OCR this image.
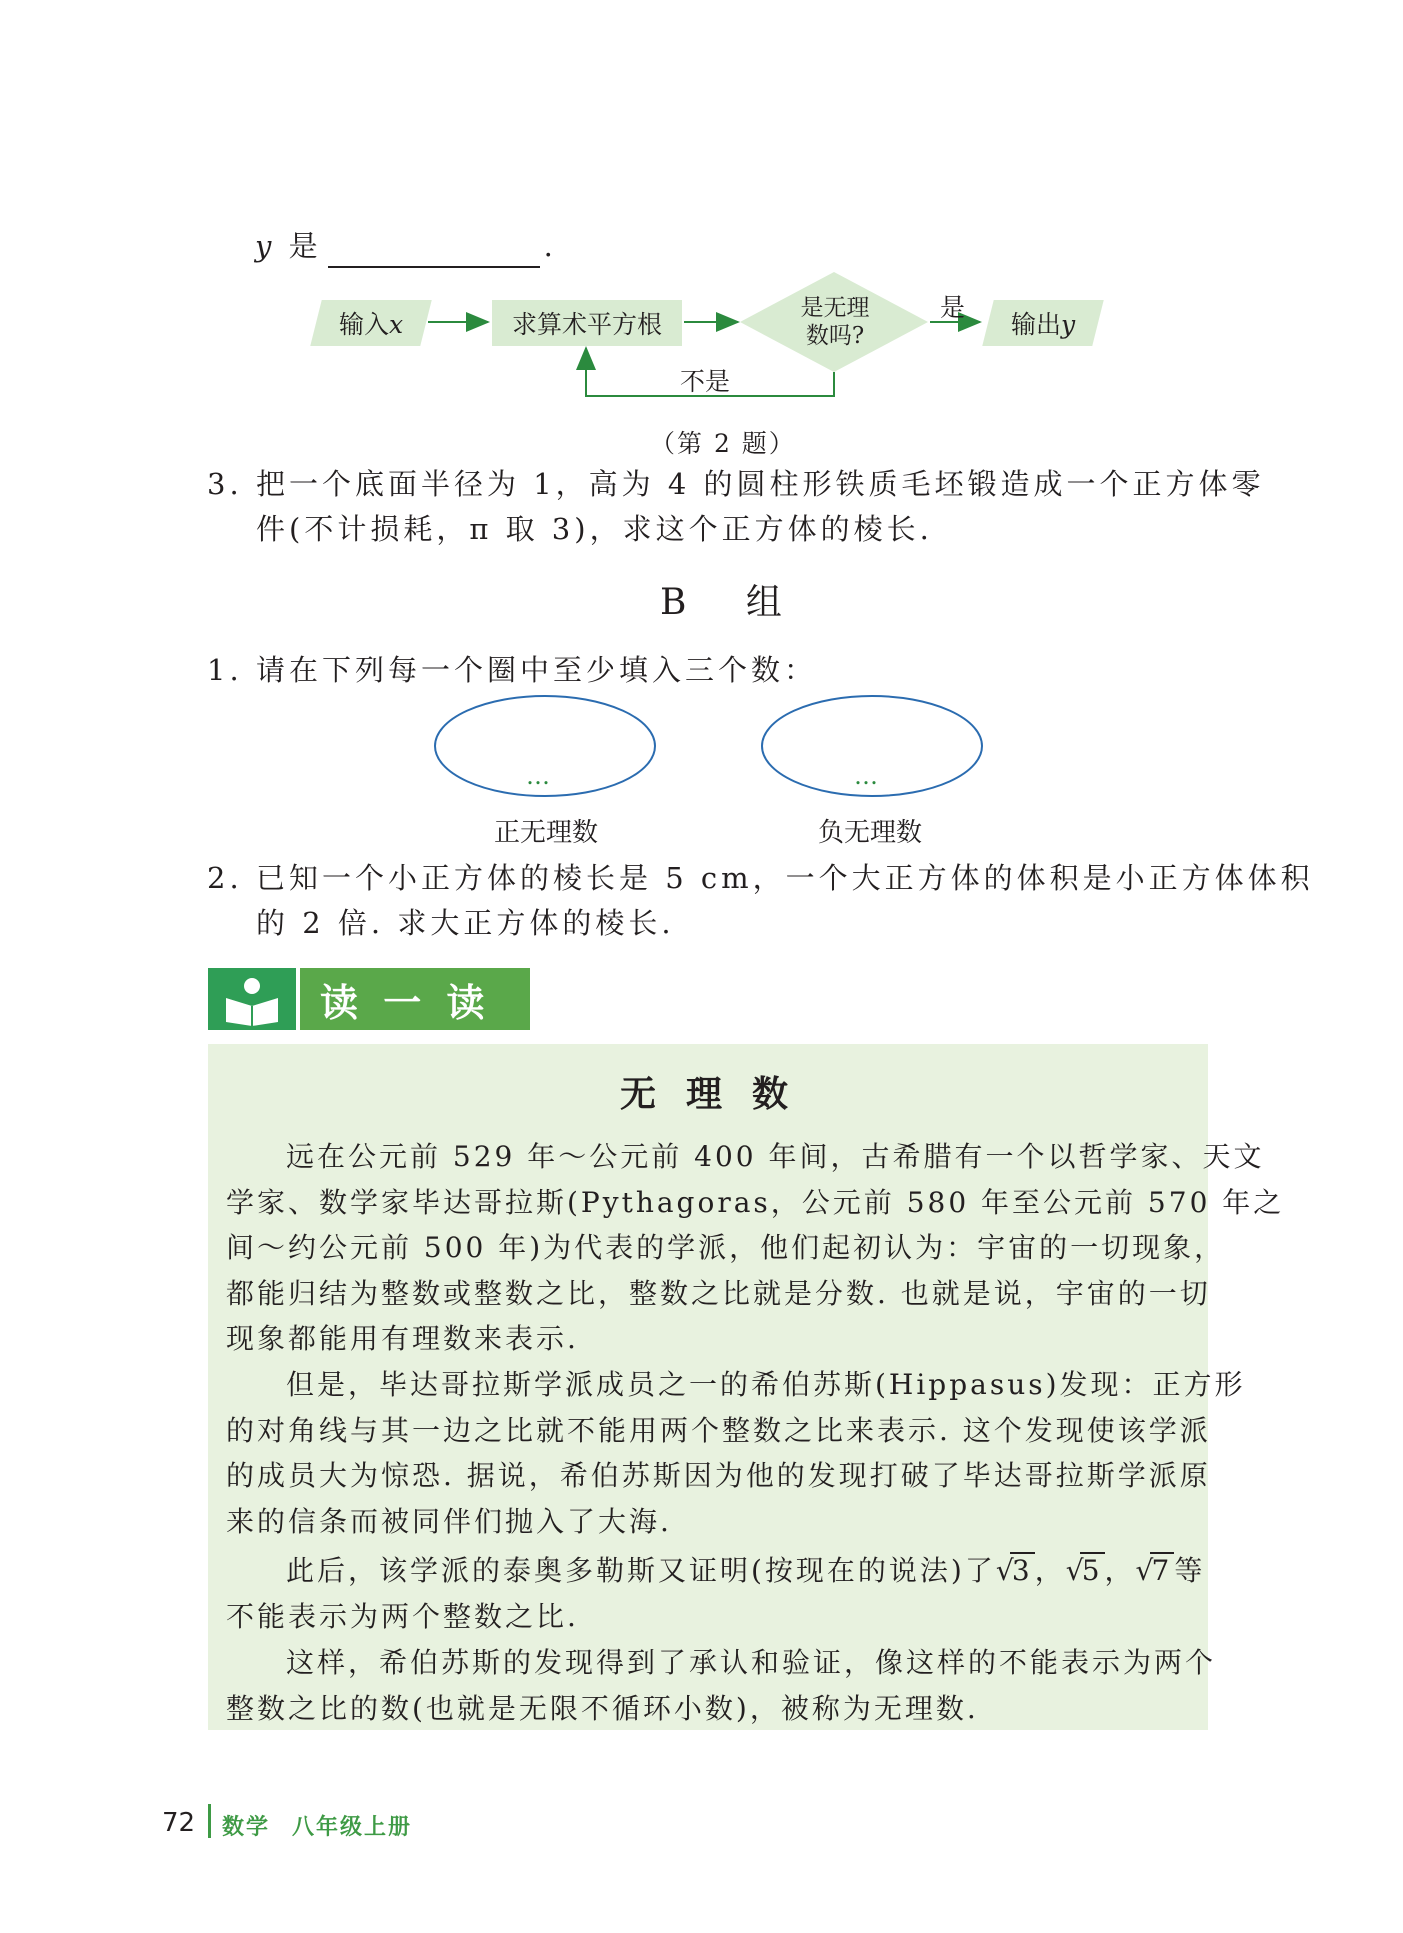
y 是	.
输入x	求算术平方根
是无理
数吗?
是
输出y
不是
（第 2 题）
3. 把一个底面半径为 1，高为 4 的圆柱形铁质毛坯锻造成一个正方体零
件(不计损耗，π 取 3)，求这个正方体的棱长.
B 组
1. 请在下列每一个圈中至少填入三个数：
…	…
正无理数	负无理数
2. 已知一个小正方体的棱长是 5 cm，一个大正方体的体积是小正方体体积
的 2 倍. 求大正方体的棱长.
读 一 读
无理数
远在公元前 529 年～公元前 400 年间，古希腊有一个以哲学家、天文
学家、数学家毕达哥拉斯(Pythagoras，公元前 580 年至公元前 570 年之
间～约公元前 500 年)为代表的学派，他们起初认为：宇宙的一切现象，
都能归结为整数或整数之比，整数之比就是分数. 也就是说，宇宙的一切
现象都能用有理数来表示.
但是，毕达哥拉斯学派成员之一的希伯苏斯(Hippasus)发现：正方形
的对角线与其一边之比就不能用两个整数之比来表示. 这个发现使该学派
的成员大为惊恐. 据说，希伯苏斯因为他的发现打破了毕达哥拉斯学派原
来的信条而被同伴们抛入了大海.
此后，该学派的泰奥多勒斯又证明(按现在的说法)了 √
3， √
5， √
7等
不能表示为两个整数之比.
这样，希伯苏斯的发现得到了承认和验证，像这样的不能表示为两个
整数之比的数(也就是无限不循环小数)，被称为无理数.
72 数学 八年级上册
